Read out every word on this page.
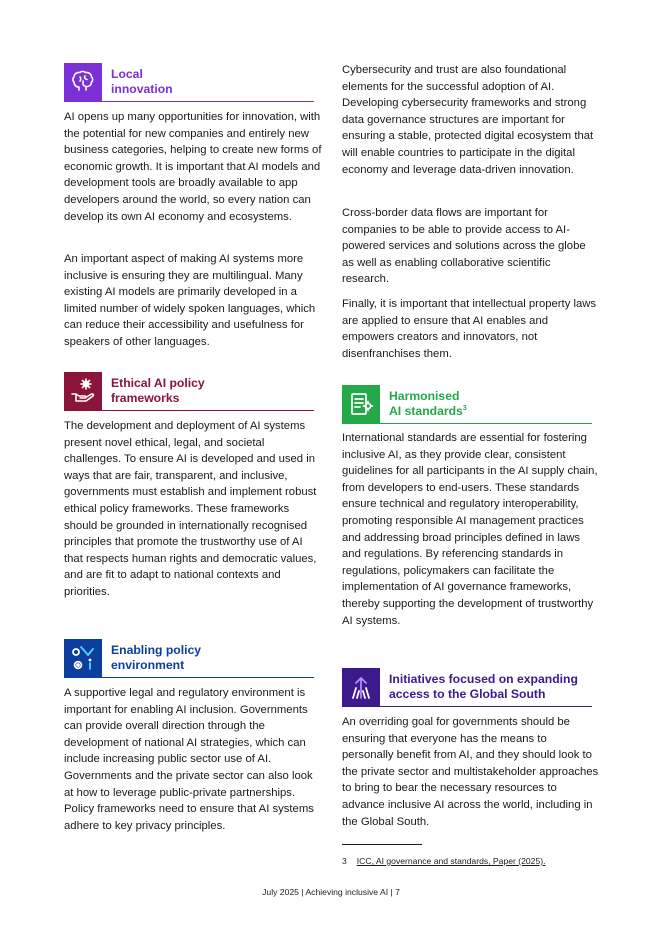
Local
innovation

AI opens up many opportunities for innovation, with the potential for new companies and entirely new business categories, helping to create new forms of economic growth. It is important that AI models and development tools are broadly available to app developers around the world, so every nation can develop its own AI economy and ecosystems.

An important aspect of making AI systems more inclusive is ensuring they are multilingual. Many existing AI models are primarily developed in a limited number of widely spoken languages, which can reduce their accessibility and usefulness for speakers of other languages.

Ethical AI policy
frameworks

The development and deployment of AI systems present novel ethical, legal, and societal challenges. To ensure AI is developed and used in ways that are fair, transparent, and inclusive, governments must establish and implement robust ethical policy frameworks. These frameworks should be grounded in internationally recognised principles that promote the trustworthy use of AI that respects human rights and democratic values, and are fit to adapt to national contexts and priorities.

Enabling policy
environment

A supportive legal and regulatory environment is important for enabling AI inclusion. Governments can provide overall direction through the development of national AI strategies, which can include increasing public sector use of AI. Governments and the private sector can also look at how to leverage public-private partnerships. Policy frameworks need to ensure that AI systems adhere to key privacy principles.

Cybersecurity and trust are also foundational elements for the successful adoption of AI. Developing cybersecurity frameworks and strong data governance structures are important for ensuring a stable, protected digital ecosystem that will enable countries to participate in the digital economy and leverage data-driven innovation.

Cross-border data flows are important for companies to be able to provide access to AI-powered services and solutions across the globe as well as enabling collaborative scientific research.

Finally, it is important that intellectual property laws are applied to ensure that AI enables and empowers creators and innovators, not disenfranchises them.

Harmonised
AI standards$^3$

International standards are essential for fostering inclusive AI, as they provide clear, consistent guidelines for all participants in the AI supply chain, from developers to end-users. These standards ensure technical and regulatory interoperability, promoting responsible AI management practices and addressing broad principles defined in laws and regulations. By referencing standards in regulations, policymakers can facilitate the implementation of AI governance frameworks, thereby supporting the development of trustworthy AI systems.

Initiatives focused on expanding
access to the Global South

An overriding goal for governments should be ensuring that everyone has the means to personally benefit from AI, and they should look to the private sector and multistakeholder approaches to bring to bear the necessary resources to advance inclusive AI across the world, including in the Global South.

3 ICC, AI governance and standards, Paper (2025).
July 2025 | Achieving inclusive AI | 7
